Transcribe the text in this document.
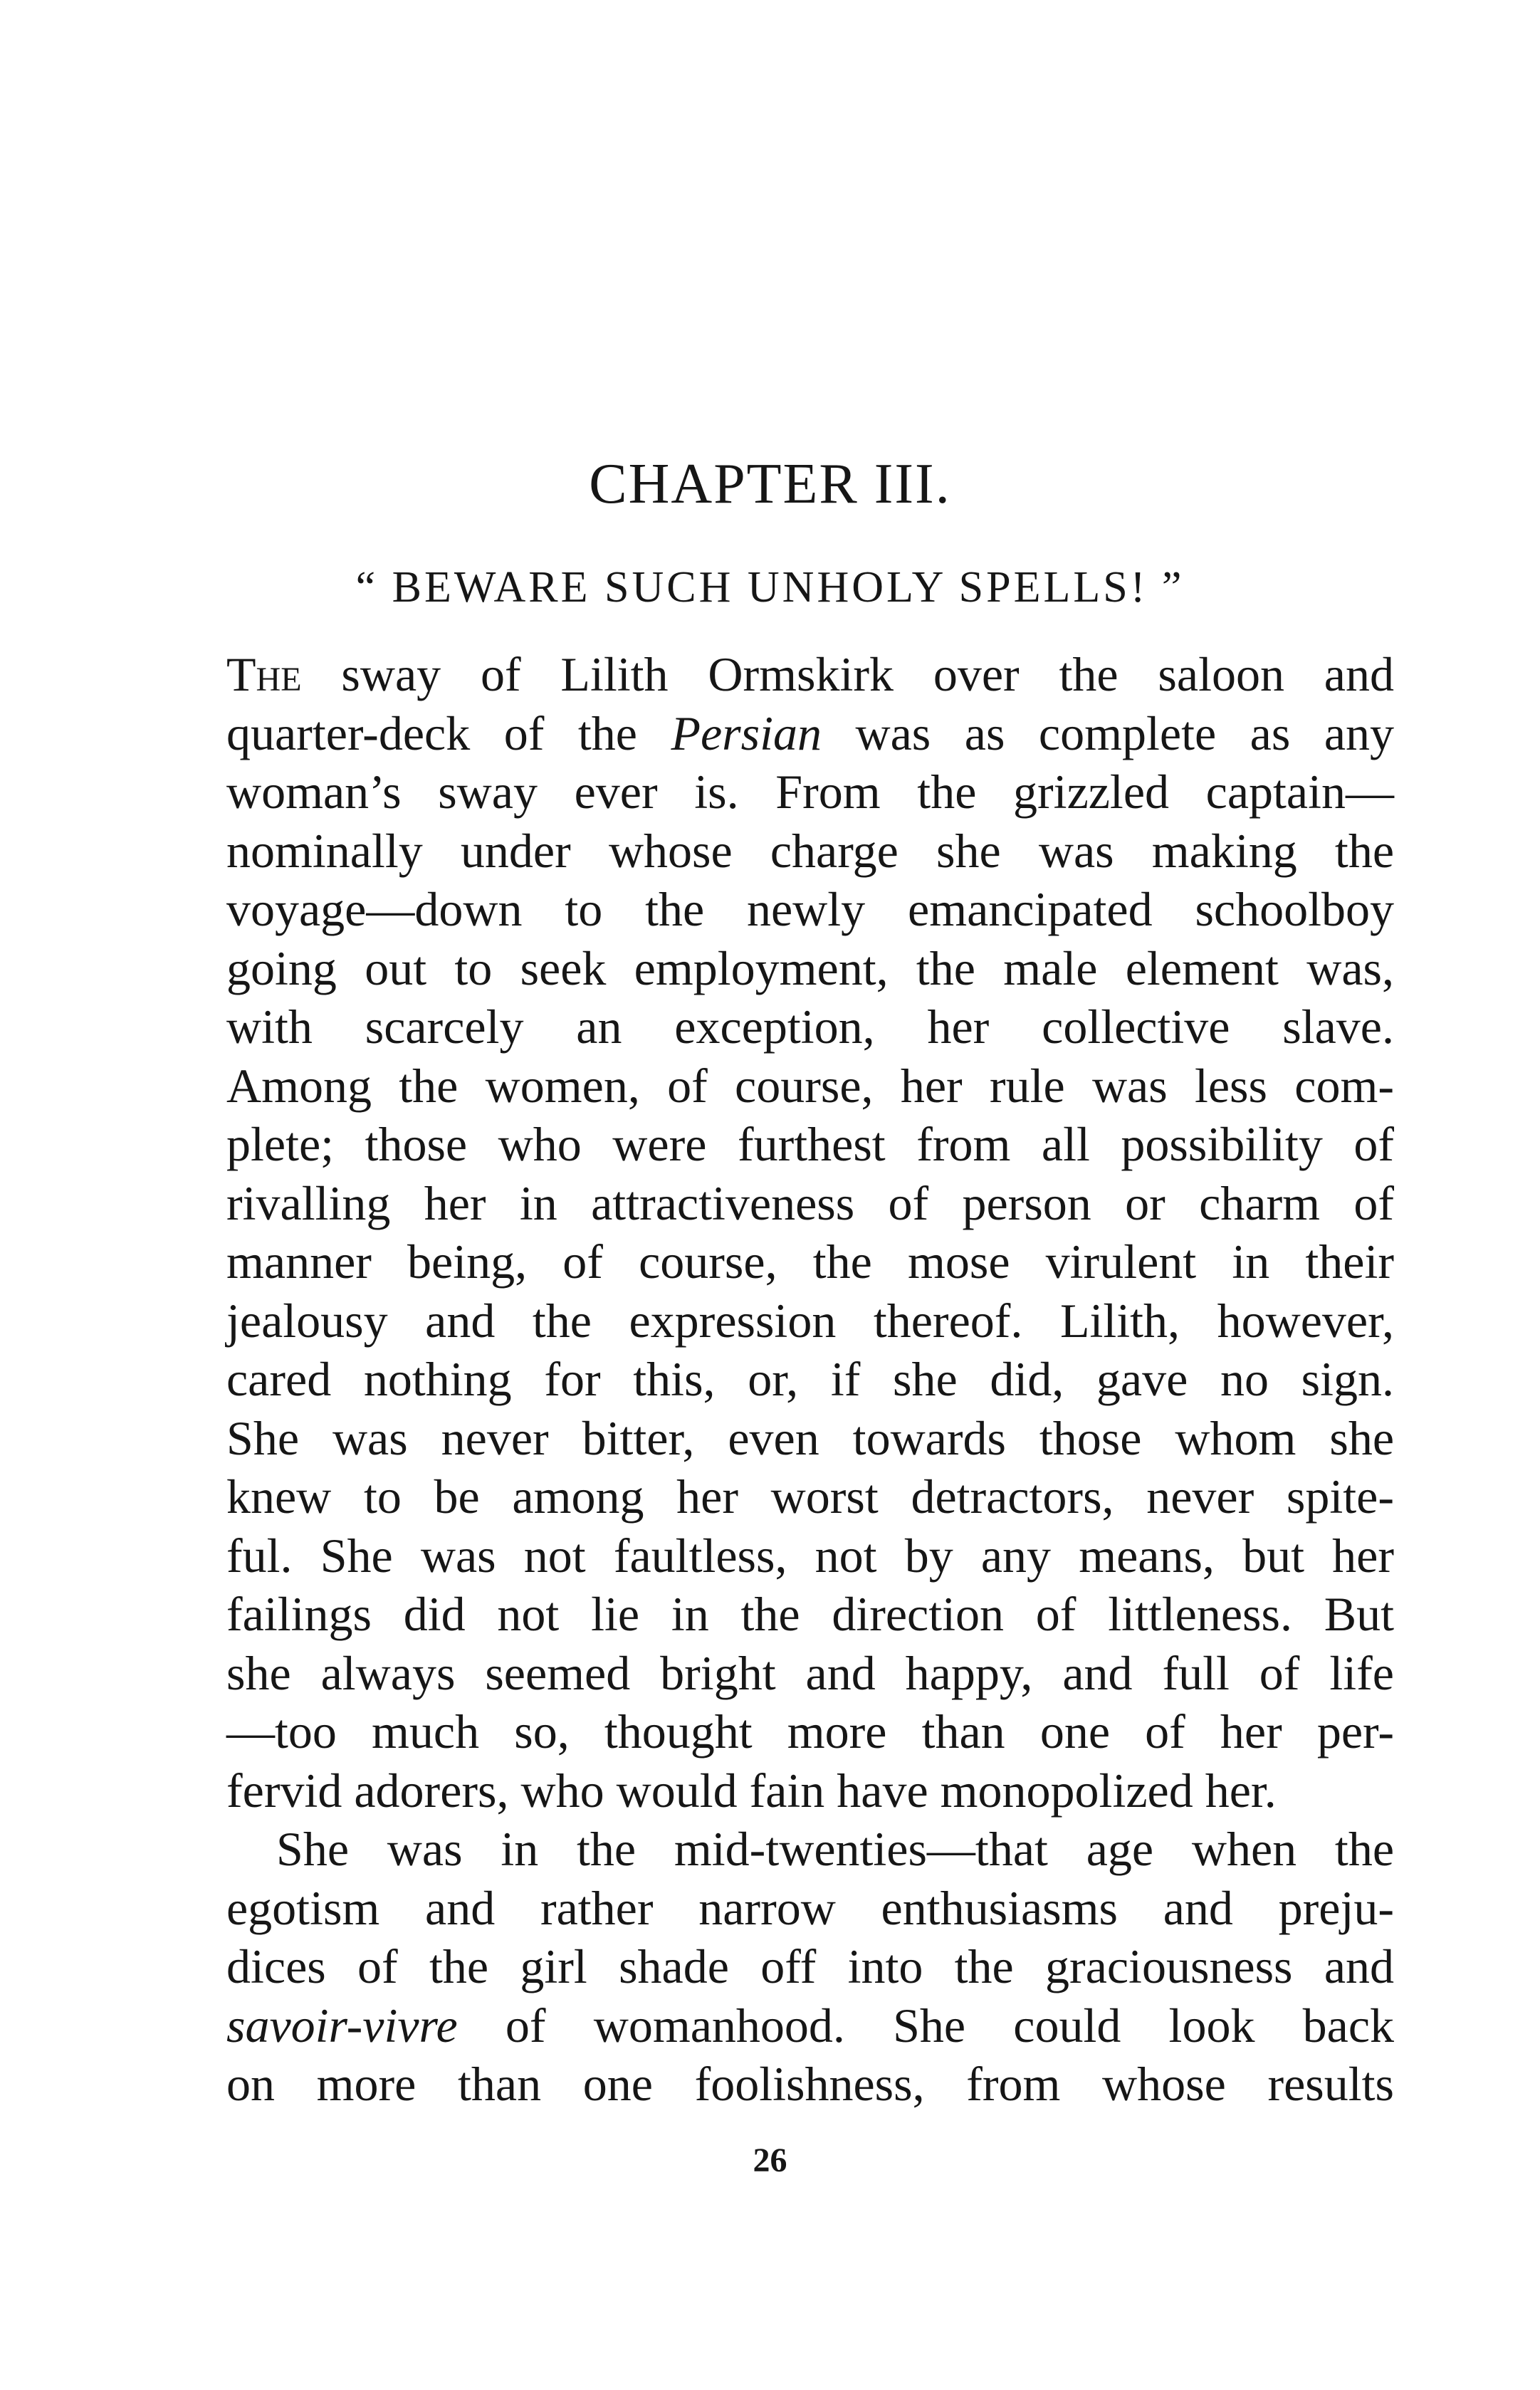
CHAPTER III.

“ BEWARE SUCH UNHOLY SPELLS! ”

The sway of Lilith Ormskirk over the saloon and
quarter-deck of the Persian was as complete as any
woman’s sway ever is. From the grizzled captain—
nominally under whose charge she was making the
voyage—down to the newly emancipated schoolboy
going out to seek employment, the male element was,
with scarcely an exception, her collective slave.
Among the women, of course, her rule was less com-
plete; those who were furthest from all possibility of
rivalling her in attractiveness of person or charm of
manner being, of course, the mose virulent in their
jealousy and the expression thereof. Lilith, however,
cared nothing for this, or, if she did, gave no sign.
She was never bitter, even towards those whom she
knew to be among her worst detractors, never spite-
ful. She was not faultless, not by any means, but her
failings did not lie in the direction of littleness. But
she always seemed bright and happy, and full of life
—too much so, thought more than one of her per-
fervid adorers, who would fain have monopolized her.
She was in the mid-twenties—that age when the
egotism and rather narrow enthusiasms and preju-
dices of the girl shade off into the graciousness and
savoir-vivre of womanhood. She could look back
on more than one foolishness, from whose results

26
